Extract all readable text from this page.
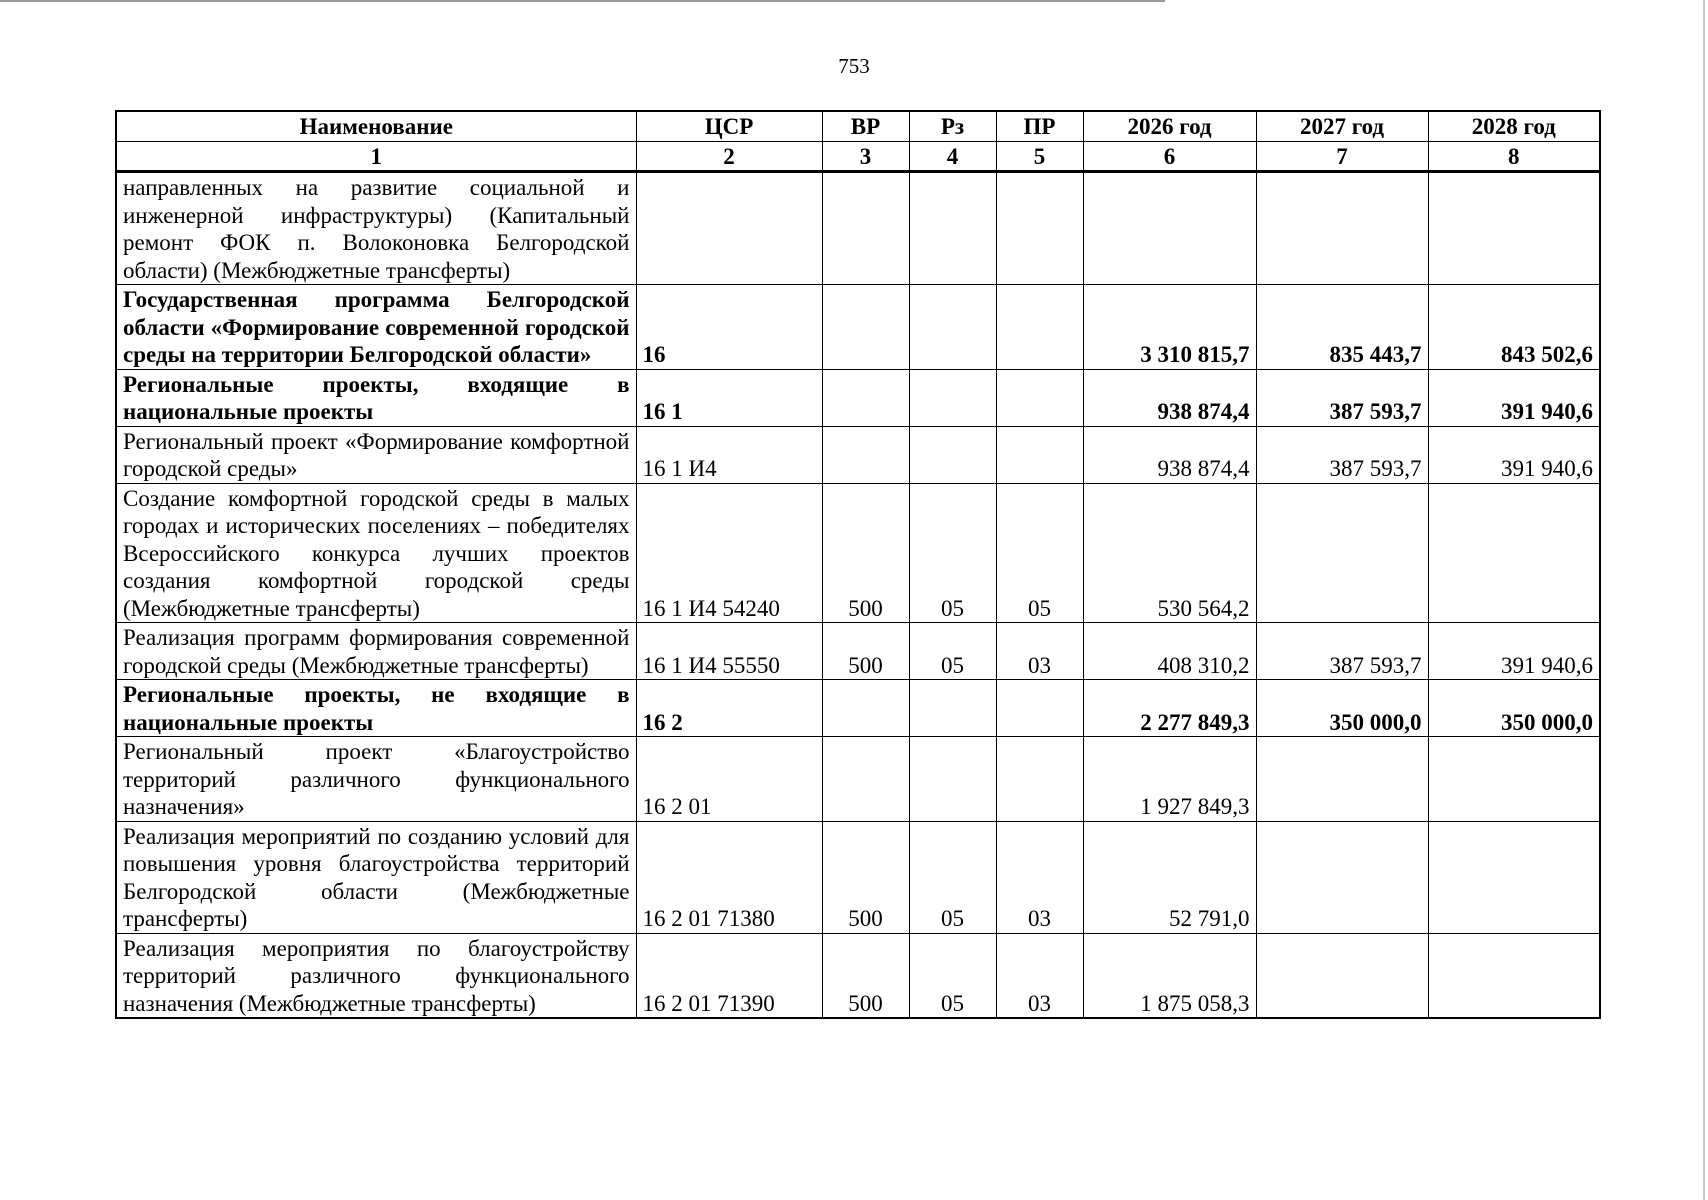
753
Наименование	ЦСР	ВР	Рз	ПР	2026 год	2027 год	2028 год
1	2	3	4	5	6	7	8
направленных на развитие социальной и инженерной инфраструктуры) (Капитальный ремонт ФОК п. Волоконовка Белгородской области) (Межбюджетные трансферты)							
Государственная программа Белгородской области «Формирование современной городской среды на территории Белгородской области»	16				3 310 815,7	835 443,7	843 502,6
Региональные проекты, входящие в национальные проекты	16 1				938 874,4	387 593,7	391 940,6
Региональный проект «Формирование комфортной городской среды»	16 1 И4				938 874,4	387 593,7	391 940,6
Создание комфортной городской среды в малых городах и исторических поселениях – победителях Всероссийского конкурса лучших проектов создания комфортной городской среды (Межбюджетные трансферты)	16 1 И4 54240	500	05	05	530 564,2		
Реализация программ формирования современной городской среды (Межбюджетные трансферты)	16 1 И4 55550	500	05	03	408 310,2	387 593,7	391 940,6
Региональные проекты, не входящие в национальные проекты	16 2				2 277 849,3	350 000,0	350 000,0
Региональный проект «Благоустройство территорий различного функционального назначения»	16 2 01				1 927 849,3		
Реализация мероприятий по созданию условий для повышения уровня благоустройства территорий Белгородской области (Межбюджетные трансферты)	16 2 01 71380	500	05	03	52 791,0		
Реализация мероприятия по благоустройству территорий различного функционального назначения (Межбюджетные трансферты)	16 2 01 71390	500	05	03	1 875 058,3		
